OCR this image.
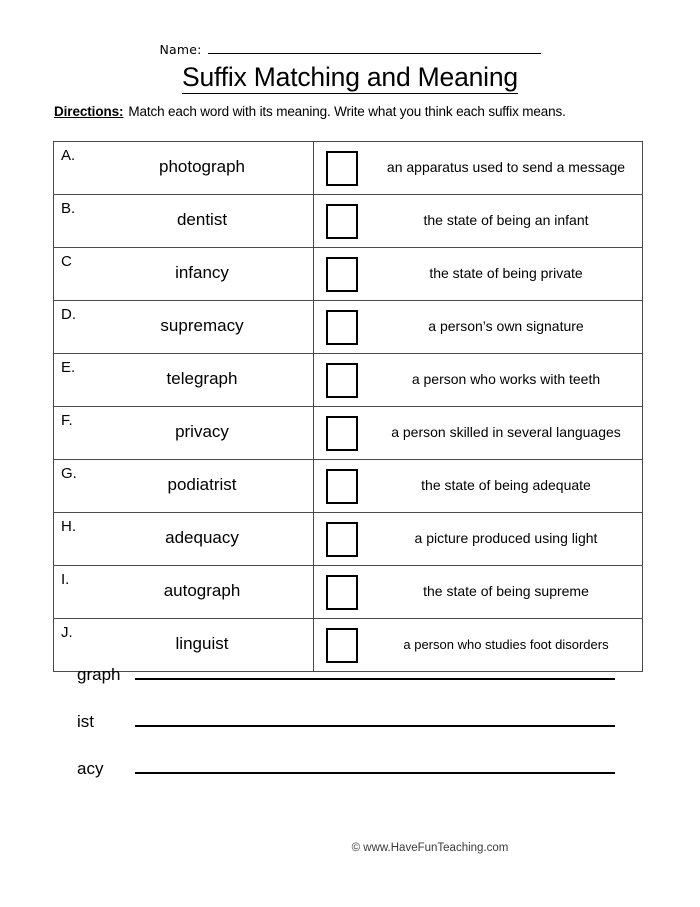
Name:
Suffix Matching and Meaning
Directions: Match each word with its meaning. Write what you think each suffix means.
A.	photograph		an apparatus used to send a message

B.	dentist		the state of being an infant

C	infancy		the state of being private

D.	supremacy		a person’s own signature

E.	telegraph		a person who works with teeth

F.	privacy		a person skilled in several languages

G.	podiatrist		the state of being adequate

H.	adequacy		a picture produced using light

I.	autograph		the state of being supreme

J.	linguist		a person who studies foot disorders
graph
ist
acy
© www.HaveFunTeaching.com
